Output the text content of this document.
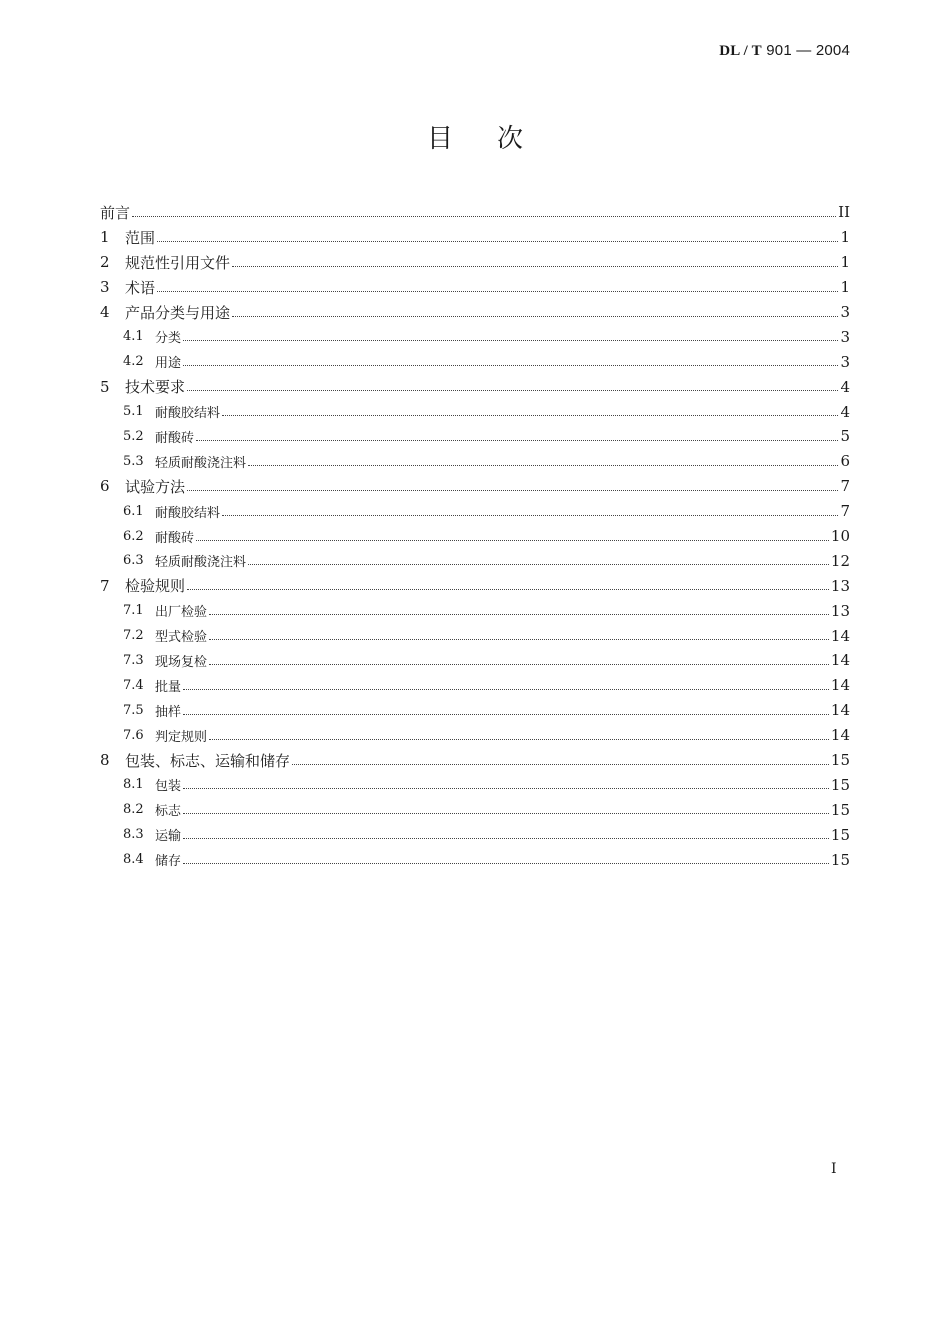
DL / T 901 — 2004
目次
前言	II
1	范围	1
2	规范性引用文件	1
3	术语	1
4	产品分类与用途	3
4.1 分类	3
4.2 用途	3
5	技术要求	4
5.1 耐酸胶结料	4
5.2 耐酸砖	5
5.3 轻质耐酸浇注料	6
6	试验方法	7
6.1 耐酸胶结料	7
6.2 耐酸砖	10
6.3 轻质耐酸浇注料	12
7	检验规则	13
7.1 出厂检验	13
7.2 型式检验	14
7.3 现场复检	14
7.4 批量	14
7.5 抽样	14
7.6 判定规则	14
8	包装、标志、运输和储存	15
8.1 包装	15
8.2 标志	15
8.3 运输	15
8.4 储存	15
I
